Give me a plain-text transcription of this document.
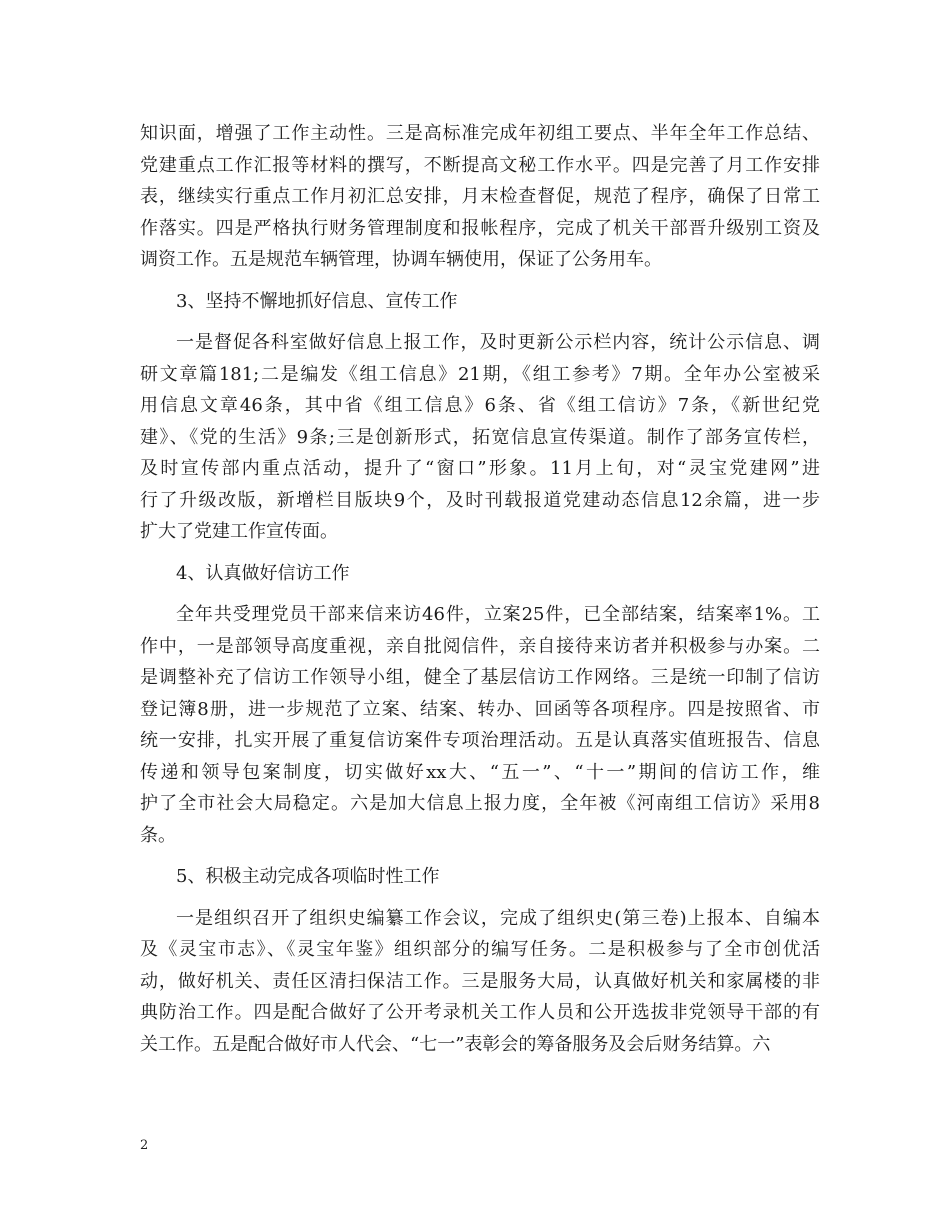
知识面，增强了工作主动性。三是高标准完成年初组工要点、半年全年工作总结、
党建重点工作汇报等材料的撰写，不断提高文秘工作水平。四是完善了月工作安排
表，继续实行重点工作月初汇总安排，月末检查督促，规范了程序，确保了日常工
作落实。四是严格执行财务管理制度和报帐程序，完成了机关干部晋升级别工资及
调资工作。五是规范车辆管理，协调车辆使用，保证了公务用车。
3、坚持不懈地抓好信息、宣传工作
一是督促各科室做好信息上报工作，及时更新公示栏内容，统计公示信息、调
研文章篇181;二是编发《组工信息》21期，《组工参考》7期。全年办公室被采
用信息文章46条，其中省《组工信息》6条、省《组工信访》7条，《新世纪党
建》、《党的生活》9条;三是创新形式，拓宽信息宣传渠道。制作了部务宣传栏，
及时宣传部内重点活动，提升了“窗口”形象。11月上旬，对“灵宝党建网”进
行了升级改版，新增栏目版块9个，及时刊载报道党建动态信息12余篇，进一步
扩大了党建工作宣传面。
4、认真做好信访工作
全年共受理党员干部来信来访46件，立案25件，已全部结案，结案率1%。工
作中，一是部领导高度重视，亲自批阅信件，亲自接待来访者并积极参与办案。二
是调整补充了信访工作领导小组，健全了基层信访工作网络。三是统一印制了信访
登记簿8册，进一步规范了立案、结案、转办、回函等各项程序。四是按照省、市
统一安排，扎实开展了重复信访案件专项治理活动。五是认真落实值班报告、信息
传递和领导包案制度，切实做好xx大、“五一”、“十一”期间的信访工作，维
护了全市社会大局稳定。六是加大信息上报力度，全年被《河南组工信访》采用8
条。
5、积极主动完成各项临时性工作
一是组织召开了组织史编纂工作会议，完成了组织史(第三卷)上报本、自编本
及《灵宝市志》、《灵宝年鉴》组织部分的编写任务。二是积极参与了全市创优活
动，做好机关、责任区清扫保洁工作。三是服务大局，认真做好机关和家属楼的非
典防治工作。四是配合做好了公开考录机关工作人员和公开选拔非党领导干部的有
关工作。五是配合做好市人代会、“七一”表彰会的筹备服务及会后财务结算。六
2
